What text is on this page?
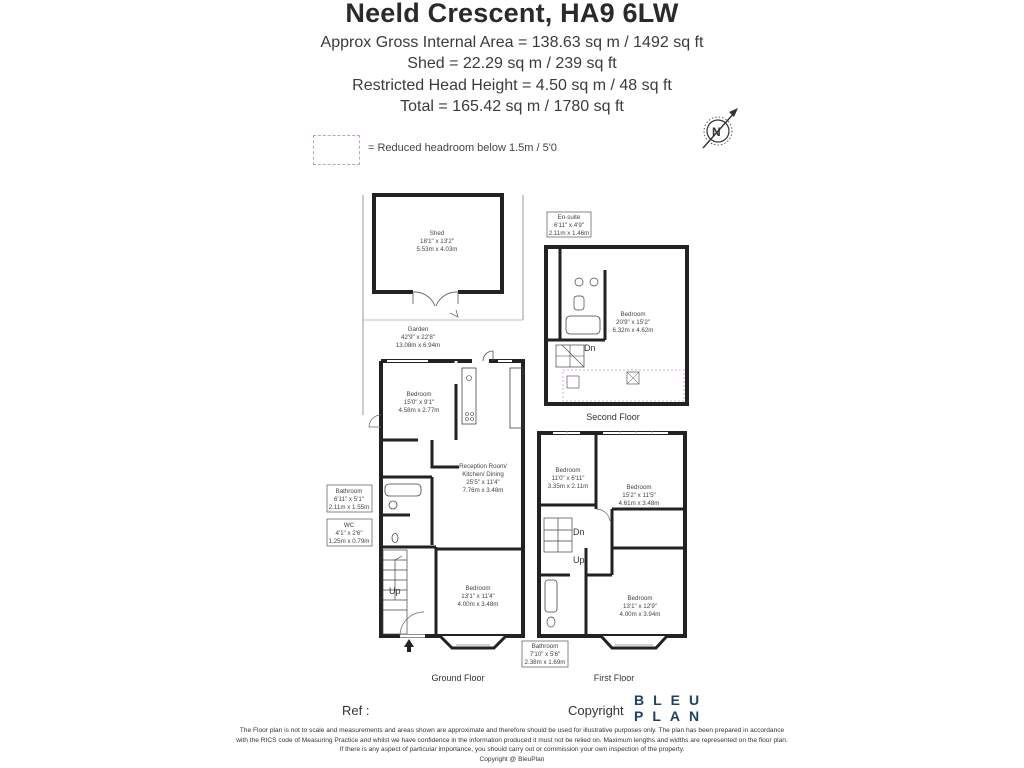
Neeld Crescent, HA9 6LW
Approx Gross Internal Area = 138.63 sq m / 1492 sq ft
Shed = 22.29 sq m / 239 sq ft
Restricted Head Height = 4.50 sq m / 48 sq ft
Total = 165.42 sq m / 1780 sq ft
= Reduced headroom below 1.5m / 5'0
N
Garden
42'9" x 22'8"
13.08m x 6.94m
Shed
18'1" x 13'2"
5.53m x 4.03m
Bedroom
15'0" x 9'1"
4.58m x 2.77m
Reception Room/
Kitchen/ Dining
25'5" x 11'4"
7.76m x 3.48m
Bedroom
13'1" x 11'4"
4.00m x 3.48m
Up
Bathroom
6'11" x 5'1"
2.11m x 1.55m
WC
4'1" x 2'6"
1.25m x 0.79m
Ground Floor
Dn
Bedroom
20'9" x 15'2"
6.32m x 4.62m
En-suite
6'11" x 4'9"
2.11m x 1.46m
Second Floor
Dn
Up
Bedroom
11'0" x 6'11"
3.35m x 2.11m	Bedroom
15'2" x 11'5"
4.61m x 3.48m
Bedroom
13'1" x 12'9"
4.00m x 3.94m
Bathroom
7'10" x 5'6"
2.38m x 1.69m
First Floor
Ref :	Copyright
BLEU
PLAN
The Floor plan is not to scale and measurements and areas shown are approximate and therefore should be used for illustrative purposes only. The plan has been prepared in accordance
with the RICS code of Measuring Practice and whilst we have confidence in the information produced it must not be relied on. Maximum lengths and widths are represented on the floor plan.
If there is any aspect of particular importance, you should carry out or commission your own inspection of the property.
Copyright @ BleuPlan
